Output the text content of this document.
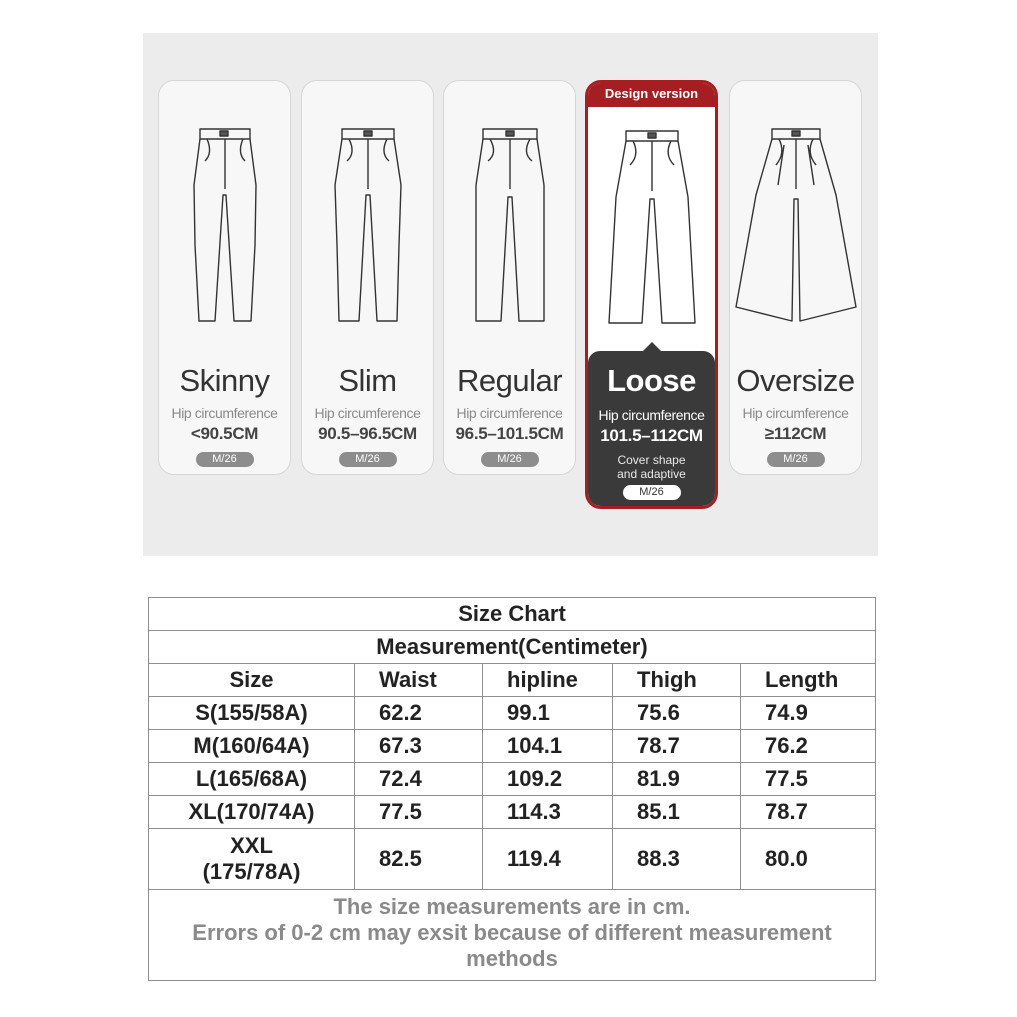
Skinny
Hip circumference
<90.5CM
M/26
Slim
Hip circumference
90.5–96.5CM
M/26
Regular
Hip circumference
96.5–101.5CM
M/26
Design version
Loose
Hip circumference
101.5–112CM
Cover shape
and adaptive
M/26
Oversize
Hip circumference
≥112CM
M/26
Size Chart				
Measurement(Centimeter)				
Size	Waist	hipline	Thigh	Length
S(155/58A)	62.2	99.1	75.6	74.9
M(160/64A)	67.3	104.1	78.7	76.2
L(165/68A)	72.4	109.2	81.9	77.5
XL(170/74A)	77.5	114.3	85.1	78.7

XXL
(175/78A)	82.5	119.4	88.3	80.0

The size measurements are in cm.
Errors of 0-2 cm may exsit because of different measurement methods				
